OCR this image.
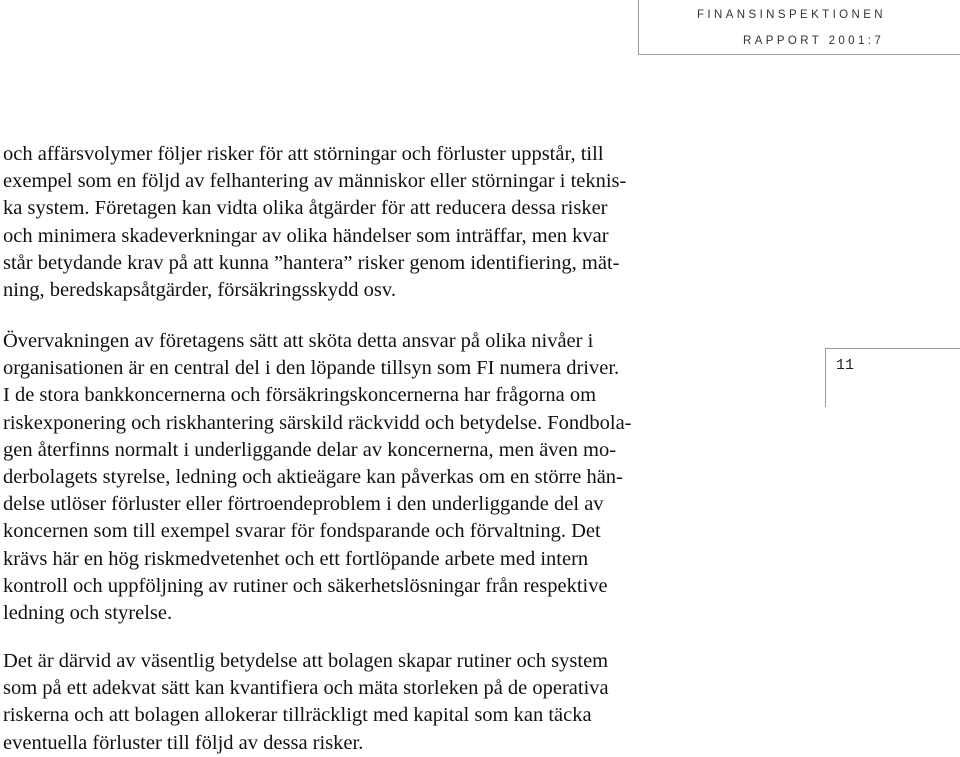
FINANSINSPEKTIONEN
RAPPORT 2001:7
11
och affärsvolymer följer risker för att störningar och förluster uppstår, till
exempel som en följd av felhantering av människor eller störningar i teknis-
ka system. Företagen kan vidta olika åtgärder för att reducera dessa risker
och minimera skadeverkningar av olika händelser som inträffar, men kvar
står betydande krav på att kunna ”hantera” risker genom identifiering, mät-
ning, beredskapsåtgärder, försäkringsskydd osv.
Övervakningen av företagens sätt att sköta detta ansvar på olika nivåer i
organisationen är en central del i den löpande tillsyn som FI numera driver.
I de stora bankkoncernerna och försäkringskoncernerna har frågorna om
riskexponering och riskhantering särskild räckvidd och betydelse. Fondbola-
gen återfinns normalt i underliggande delar av koncernerna, men även mo-
derbolagets styrelse, ledning och aktieägare kan påverkas om en större hän-
delse utlöser förluster eller förtroendeproblem i den underliggande del av
koncernen som till exempel svarar för fondsparande och förvaltning. Det
krävs här en hög riskmedvetenhet och ett fortlöpande arbete med intern
kontroll och uppföljning av rutiner och säkerhetslösningar från respektive
ledning och styrelse.
Det är därvid av väsentlig betydelse att bolagen skapar rutiner och system
som på ett adekvat sätt kan kvantifiera och mäta storleken på de operativa
riskerna och att bolagen allokerar tillräckligt med kapital som kan täcka
eventuella förluster till följd av dessa risker.
